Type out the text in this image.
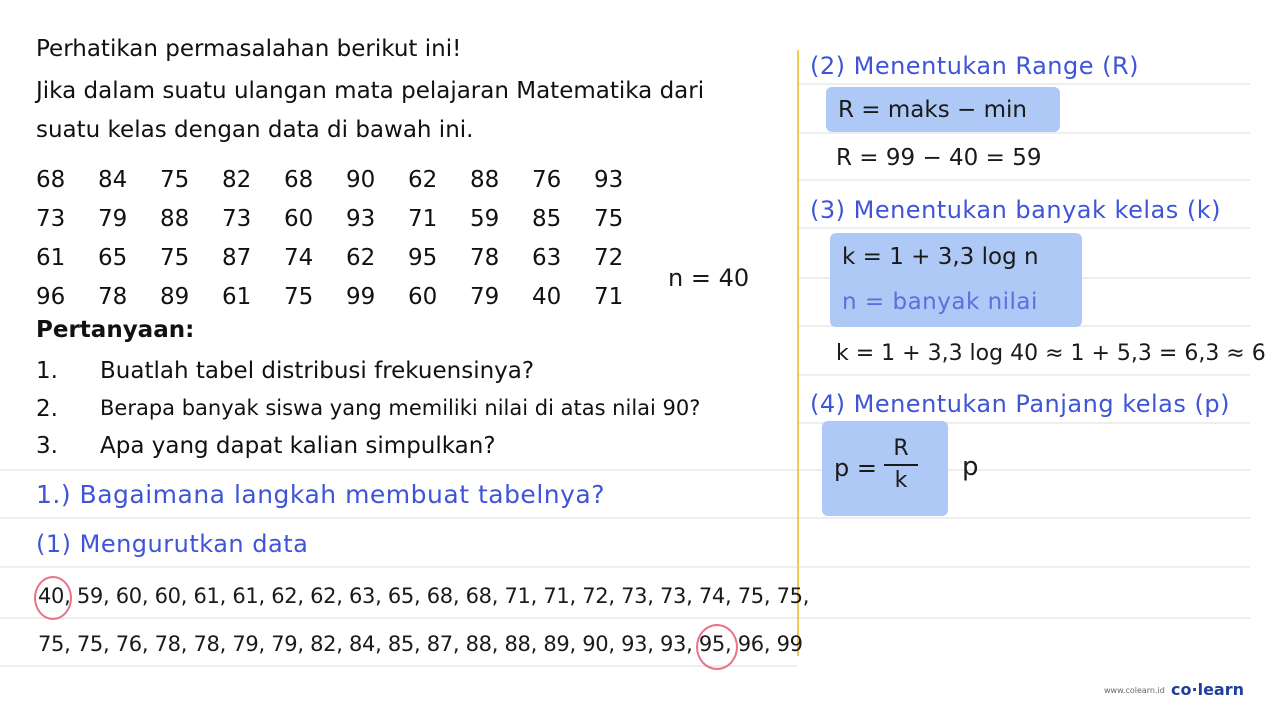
Perhatikan permasalahan berikut ini!
Jika dalam suatu ulangan mata pelajaran Matematika dari
suatu kelas dengan data di bawah ini.
68	84	75	82	68	90	62	88	76	93
73	79	88	73	60	93	71	59	85	75
61	65	75	87	74	62	95	78	63	72
96	78	89	61	75	99	60	79	40	71
n = 40
Pertanyaan:
1. Buatlah tabel distribusi frekuensinya?
2. Berapa banyak siswa yang memiliki nilai di atas nilai 90?
3. Apa yang dapat kalian simpulkan?
1.) Bagaimana langkah membuat tabelnya?
(1) Mengurutkan data
40, 59, 60, 60, 61, 61, 62, 62, 63, 65, 68, 68, 71, 71, 72, 73, 73, 74, 75, 75,
75, 75, 76, 78, 78, 79, 79, 82, 84, 85, 87, 88, 88, 89, 90, 93, 93, 95, 96, 99
(2) Menentukan Range (R)
R = maks − min
R = 99 − 40 = 59
(3) Menentukan banyak kelas (k)
k = 1 + 3,3 log n
n = banyak nilai
k = 1 + 3,3 log 40 ≈ 1 + 5,3 = 6,3 ≈ 6
(4) Menentukan Panjang kelas (p)
p =
R
k	p
www.colearn.id co·learn
